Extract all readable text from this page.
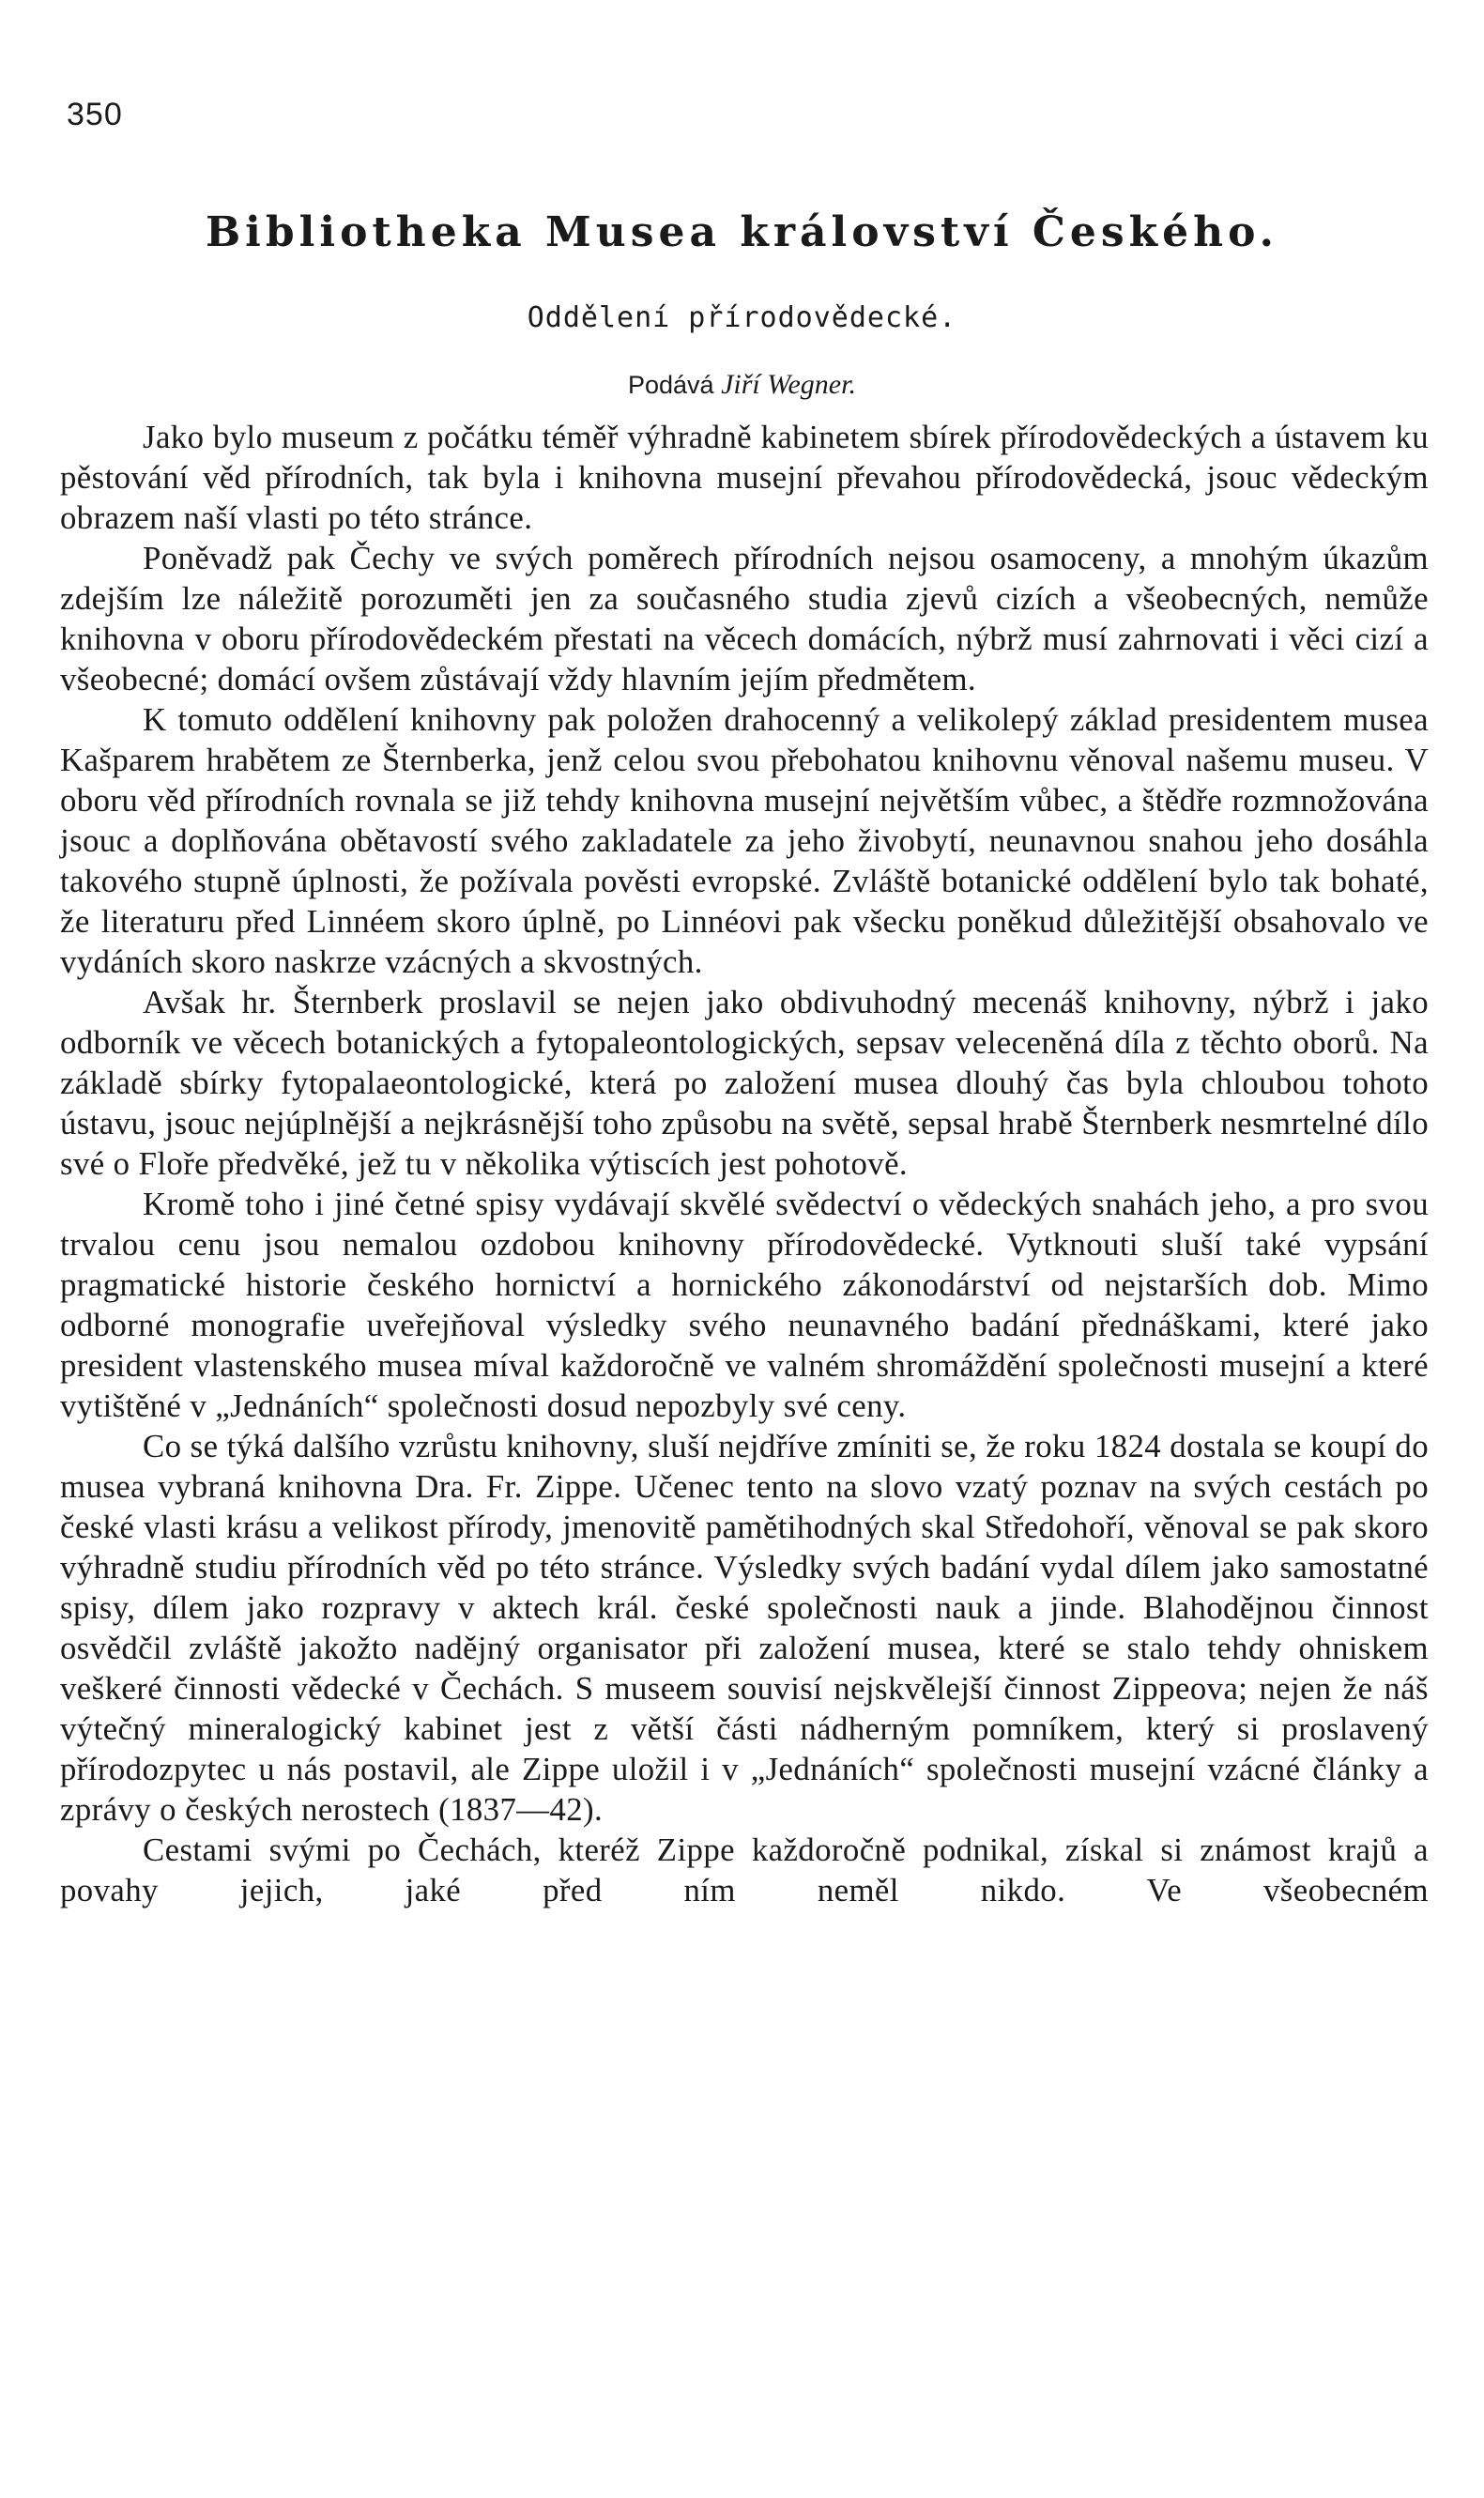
350
Bibliotheka Musea království Českého.
Oddělení přírodovědecké.
Podává Jiří Wegner.

Jako bylo museum z počátku téměř výhradně kabinetem sbírek přírodovědeckých a ústavem ku pěstování věd přírodních, tak byla i knihovna musejní převahou přírodovědecká, jsouc vědeckým obrazem naší vlasti po této stránce.

Poněvadž pak Čechy ve svých poměrech přírodních nejsou osamoceny, a mnohým úkazům zdejším lze náležitě porozuměti jen za současného studia zjevů cizích a všeobecných, nemůže knihovna v oboru přírodovědeckém přestati na věcech domácích, nýbrž musí zahrnovati i věci cizí a všeobecné; domácí ovšem zůstávají vždy hlavním jejím předmětem.

K tomuto oddělení knihovny pak položen drahocenný a velikolepý základ presidentem musea Kašparem hrabětem ze Šternberka, jenž celou svou přebohatou knihovnu věnoval našemu museu. V oboru věd přírodních rovnala se již tehdy knihovna musejní největším vůbec, a štědře rozmnožována jsouc a doplňována obětavostí svého zakladatele za jeho živobytí, neunavnou snahou jeho dosáhla takového stupně úplnosti, že požívala pověsti evropské. Zvláště botanické oddělení bylo tak bohaté, že literaturu před Linnéem skoro úplně, po Linnéovi pak všecku poněkud důležitější obsahovalo ve vydáních skoro naskrze vzácných a skvostných.

Avšak hr. Šternberk proslavil se nejen jako obdivuhodný mecenáš knihovny, nýbrž i jako odborník ve věcech botanických a fytopaleontologických, sepsav veleceněná díla z těchto oborů. Na základě sbírky fytopalaeontologické, která po založení musea dlouhý čas byla chloubou tohoto ústavu, jsouc nejúplnější a nejkrásnější toho způsobu na světě, sepsal hrabě Šternberk nesmrtelné dílo své o Floře předvěké, jež tu v několika výtiscích jest pohotově.

Kromě toho i jiné četné spisy vydávají skvělé svědectví o vědeckých snahách jeho, a pro svou trvalou cenu jsou nemalou ozdobou knihovny přírodovědecké. Vytknouti sluší také vypsání pragmatické historie českého hornictví a hornického zákonodárství od nejstarších dob. Mimo odborné monografie uveřejňoval výsledky svého neunavného badání přednáškami, které jako president vlastenského musea míval každoročně ve valném shromáždění společnosti musejní a které vytištěné v „Jednáních“ společnosti dosud nepozbyly své ceny.

Co se týká dalšího vzrůstu knihovny, sluší nejdříve zmíniti se, že roku 1824 dostala se koupí do musea vybraná knihovna Dra. Fr. Zippe. Učenec tento na slovo vzatý poznav na svých cestách po české vlasti krásu a velikost přírody, jmenovitě pamětihodných skal Středohoří, věnoval se pak skoro výhradně studiu přírodních věd po této stránce. Výsledky svých badání vydal dílem jako samostatné spisy, dílem jako rozpravy v aktech král. české společnosti nauk a jinde. Blahodějnou činnost osvědčil zvláště jakožto nadějný organisator při založení musea, které se stalo tehdy ohniskem veškeré činnosti vědecké v Čechách. S museem souvisí nejskvělejší činnost Zippeova; nejen že náš výtečný mineralogický kabinet jest z větší části nádherným pomníkem, který si proslavený přírodozpytec u nás postavil, ale Zippe uložil i v „Jednáních“ společnosti musejní vzácné články a zprávy o českých nerostech (1837—42).

Cestami svými po Čechách, kteréž Zippe každoročně podnikal, získal si známost krajů a povahy jejich, jaké před ním neměl nikdo. Ve všeobecném
